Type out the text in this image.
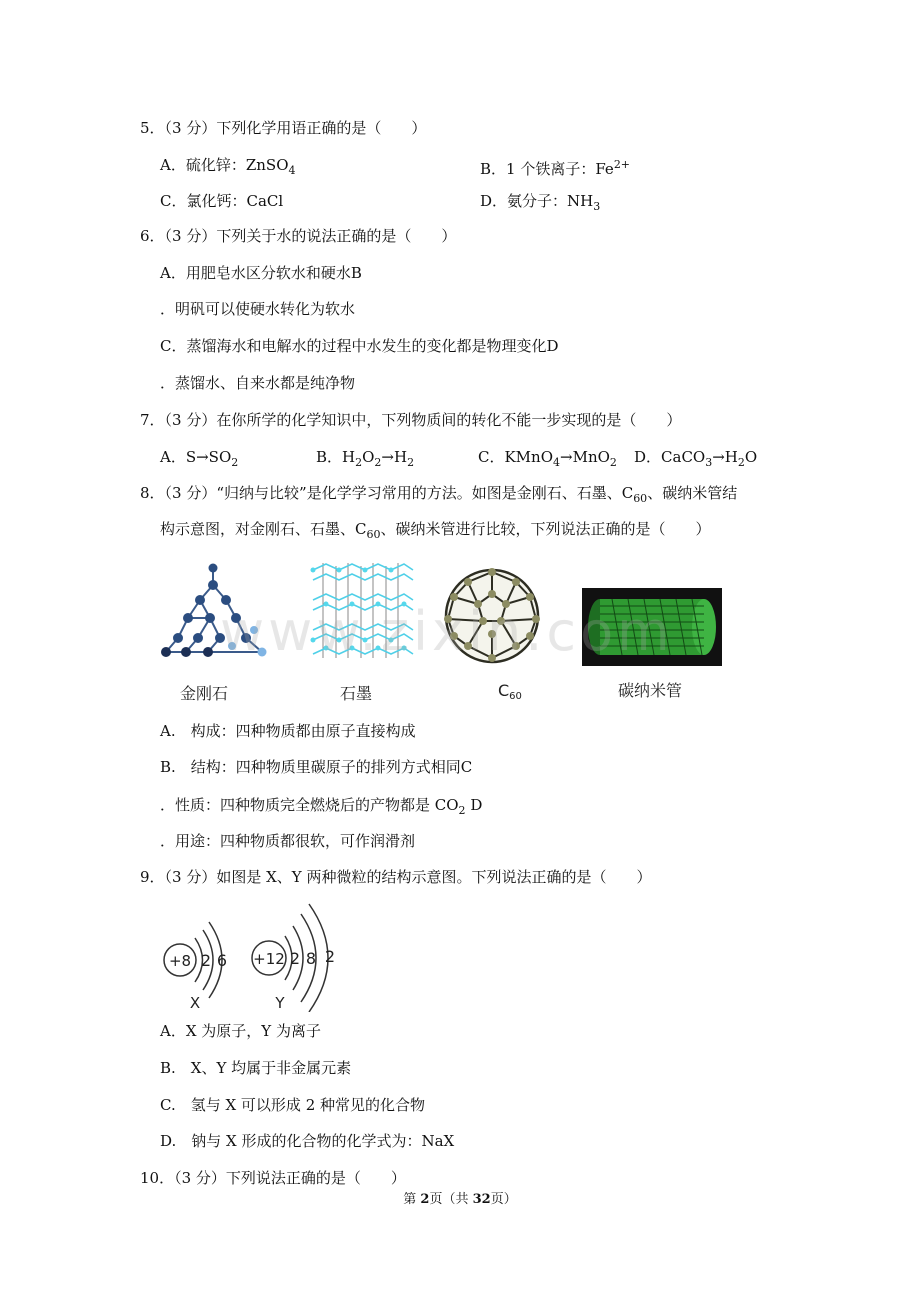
5．（3 分）下列化学用语正确的是（　　）
A．硫化锌：ZnSO$_4$	B．1 个铁离子：$Fe^{2+}$
C．氯化钙：CaCl	D．氨分子：$NH_3$
6．（3 分）下列关于水的说法正确的是（　　）
A．用肥皂水区分软水和硬水B
．明矾可以使硬水转化为软水
C．蒸馏海水和电解水的过程中水发生的变化都是物理变化D
．蒸馏水、自来水都是纯净物
7．（3 分）在你所学的化学知识中，下列物质间的转化不能一步实现的是（　　）
A．$S\to SO_2$	B．$H_2O_2\to H_2$	C．KMnO$_4$→MnO$_2$ D．$CaCO_3\to H_2O$
8．（3 分）“归纳与比较”是化学学习常用的方法。如图是金刚石、石墨、$C_{60}$、碳纳米管结
构示意图，对金刚石、石墨、$C_{60}$、碳纳米管进行比较，下列说法正确的是（　　）
金刚石	石墨	C60	碳纳米管
www.zixin.com
A.　构成：四种物质都由原子直接构成
B.　结构：四种物质里碳原子的排列方式相同C
．性质：四种物质完全燃烧后的产物都是 $CO_2$ D
．用途：四种物质都很软，可作润滑剂
9．（3 分）如图是 X、Y 两种微粒的结构示意图。下列说法正确的是（　　）
+8 2 6
X
+12 2 8 2
Y
A．X 为原子，Y 为离子
B.　X、Y 均属于非金属元素
C.　氢与 X 可以形成 2 种常见的化合物
D.　钠与 X 形成的化合物的化学式为：NaX
10．（3 分）下列说法正确的是（　　）
第 2页（共 32页）
